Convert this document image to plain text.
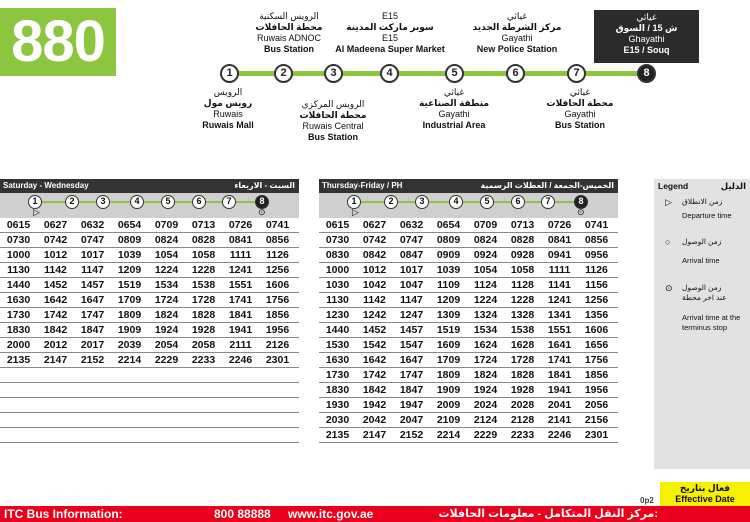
880	الرويس السكنية
محطة الحافلات
Ruwais ADNOC
Bus Station
E15
سوبر ماركت المدينة
E15
Al Madeena Super Market
غياثي
مركز الشرطة الجديد
Gayathi
New Police Station
غياثي
ش 15 / السوق
Ghayathi
E15 / Souq
1	2	3	4	5	6	7	8
الرويس
رويس مول
Ruwais
Ruwais Mall
الرويس المركزي
محطة الحافلات
Ruwais Central
Bus Station
غياثي
منطقة الصناعية
Gayathi
Industrial Area
غياثي
محطة الحافلات
Gayathi
Bus Station
Saturday - Wednesday	السبت - الاربعاء
1	2	3	4	5	6	7	8
▷	⊙
0615	0627	0632	0654	0709	0713	0726	0741
0730	0742	0747	0809	0824	0828	0841	0856
1000	1012	1017	1039	1054	1058	1111	1126
1130	1142	1147	1209	1224	1228	1241	1256
1440	1452	1457	1519	1534	1538	1551	1606
1630	1642	1647	1709	1724	1728	1741	1756
1730	1742	1747	1809	1824	1828	1841	1856
1830	1842	1847	1909	1924	1928	1941	1956
2000	2012	2017	2039	2054	2058	2111	2126
2135	2147	2152	2214	2229	2233	2246	2301
Thursday-Friday / PH	الخميس-الجمعة / العطلات الرسمية
1	2	3	4	5	6	7	8
▷	⊙
0615	0627	0632	0654	0709	0713	0726	0741
0730	0742	0747	0809	0824	0828	0841	0856
0830	0842	0847	0909	0924	0928	0941	0956
1000	1012	1017	1039	1054	1058	1111	1126
1030	1042	1047	1109	1124	1128	1141	1156
1130	1142	1147	1209	1224	1228	1241	1256
1230	1242	1247	1309	1324	1328	1341	1356
1440	1452	1457	1519	1534	1538	1551	1606
1530	1542	1547	1609	1624	1628	1641	1656
1630	1642	1647	1709	1724	1728	1741	1756
1730	1742	1747	1809	1824	1828	1841	1856
1830	1842	1847	1909	1924	1928	1941	1956
1930	1942	1947	2009	2024	2028	2041	2056
2030	2042	2047	2109	2124	2128	2141	2156
2135	2147	2152	2214	2229	2233	2246	2301
Legend	الدليل
▷ زمن الانطلاق
Departure time
○ زمن الوصول
Arrival time
⊙ زمن الوصول
عند اخر محطة
Arrival time at the terminus stop
فعال بتاريخ
Effective Date
0p2
ITC Bus Information:	800 88888 www.itc.gov.ae	مركز النقل المتكامل - معلومات الحافلات:
